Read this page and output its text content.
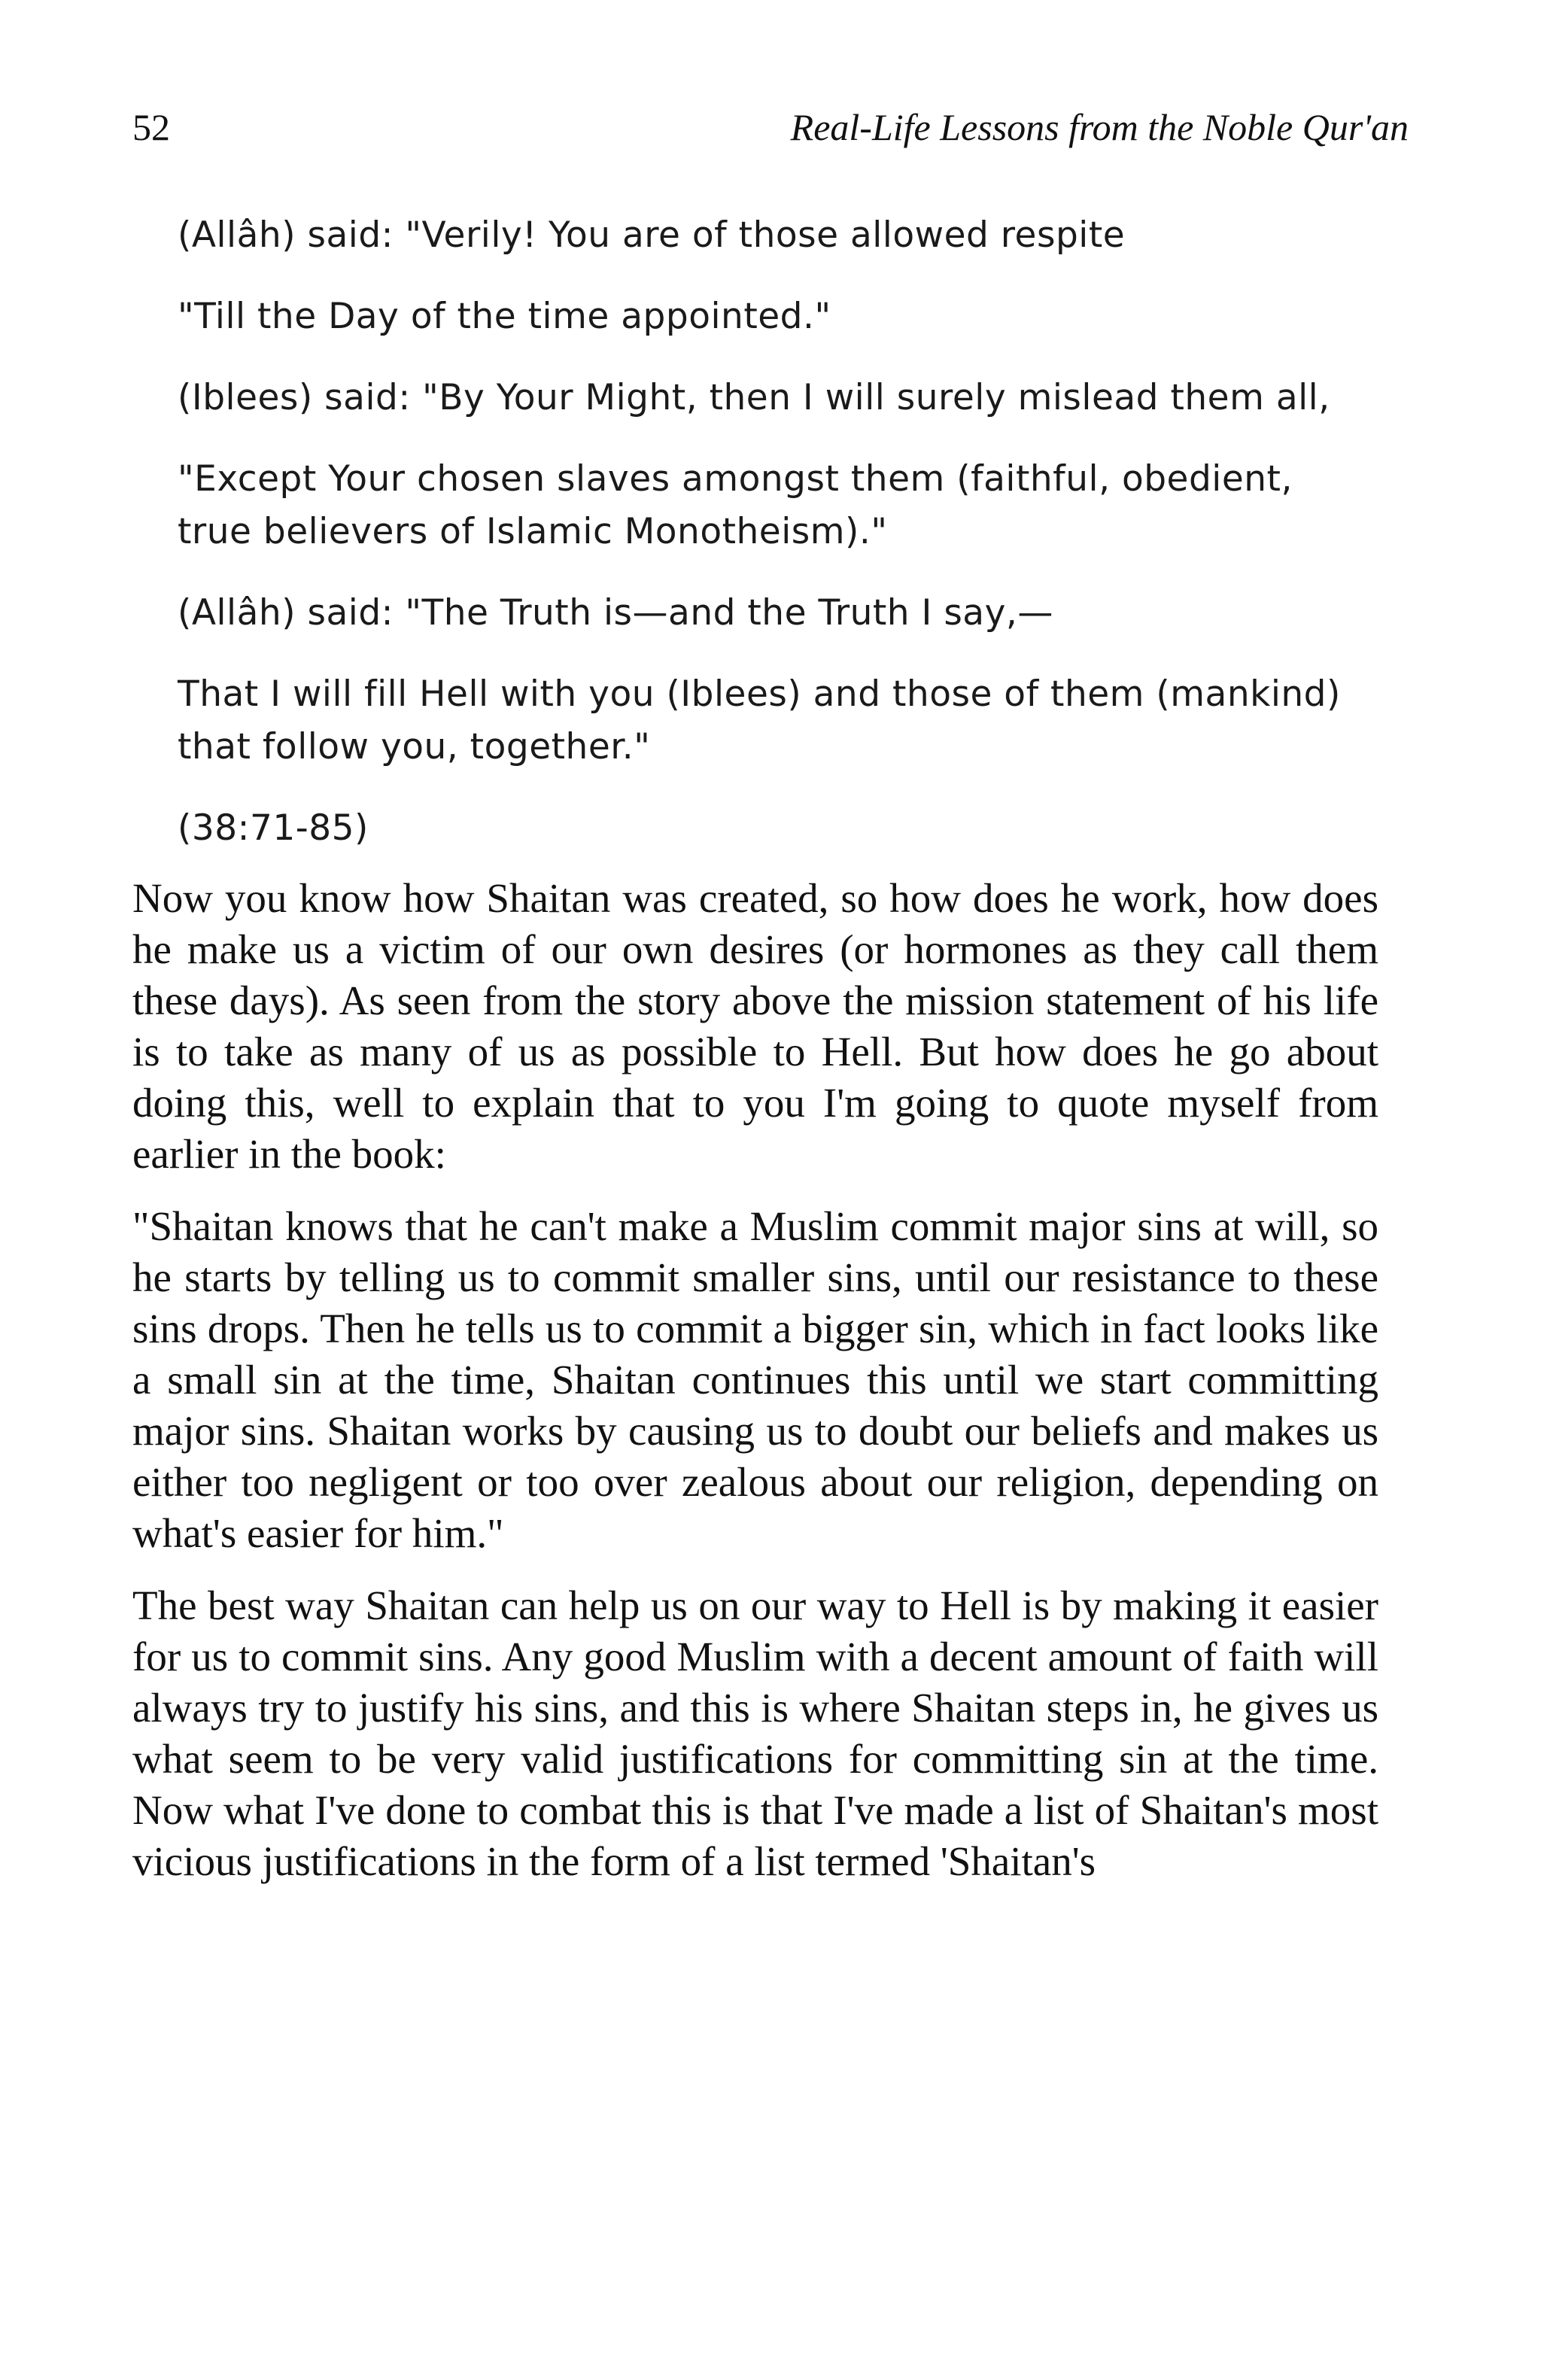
52	Real-Life Lessons from the Noble Qur'an

(Allâh) said: "Verily! You are of those allowed respite

"Till the Day of the time appointed."

(Iblees) said: "By Your Might, then I will surely mislead them all,

"Except Your chosen slaves amongst them (faithful, obedient, true believers of Islamic Monotheism)."

(Allâh) said: "The Truth is—and the Truth I say,—

That I will fill Hell with you (Iblees) and those of them (mankind) that follow you, together."

(38:71-85)

Now you know how Shaitan was created, so how does he work, how does he make us a victim of our own desires (or hormones as they call them these days). As seen from the story above the mission statement of his life is to take as many of us as possible to Hell. But how does he go about doing this, well to explain that to you I'm going to quote myself from earlier in the book:

"Shaitan knows that he can't make a Muslim commit major sins at will, so he starts by telling us to commit smaller sins, until our resistance to these sins drops. Then he tells us to commit a bigger sin, which in fact looks like a small sin at the time, Shaitan continues this until we start committing major sins. Shaitan works by causing us to doubt our beliefs and makes us either too negligent or too over zealous about our religion, depending on what's easier for him."

The best way Shaitan can help us on our way to Hell is by making it easier for us to commit sins. Any good Muslim with a decent amount of faith will always try to justify his sins, and this is where Shaitan steps in, he gives us what seem to be very valid justifications for committing sin at the time. Now what I've done to combat this is that I've made a list of Shaitan's most vicious justifications in the form of a list termed 'Shaitan's
